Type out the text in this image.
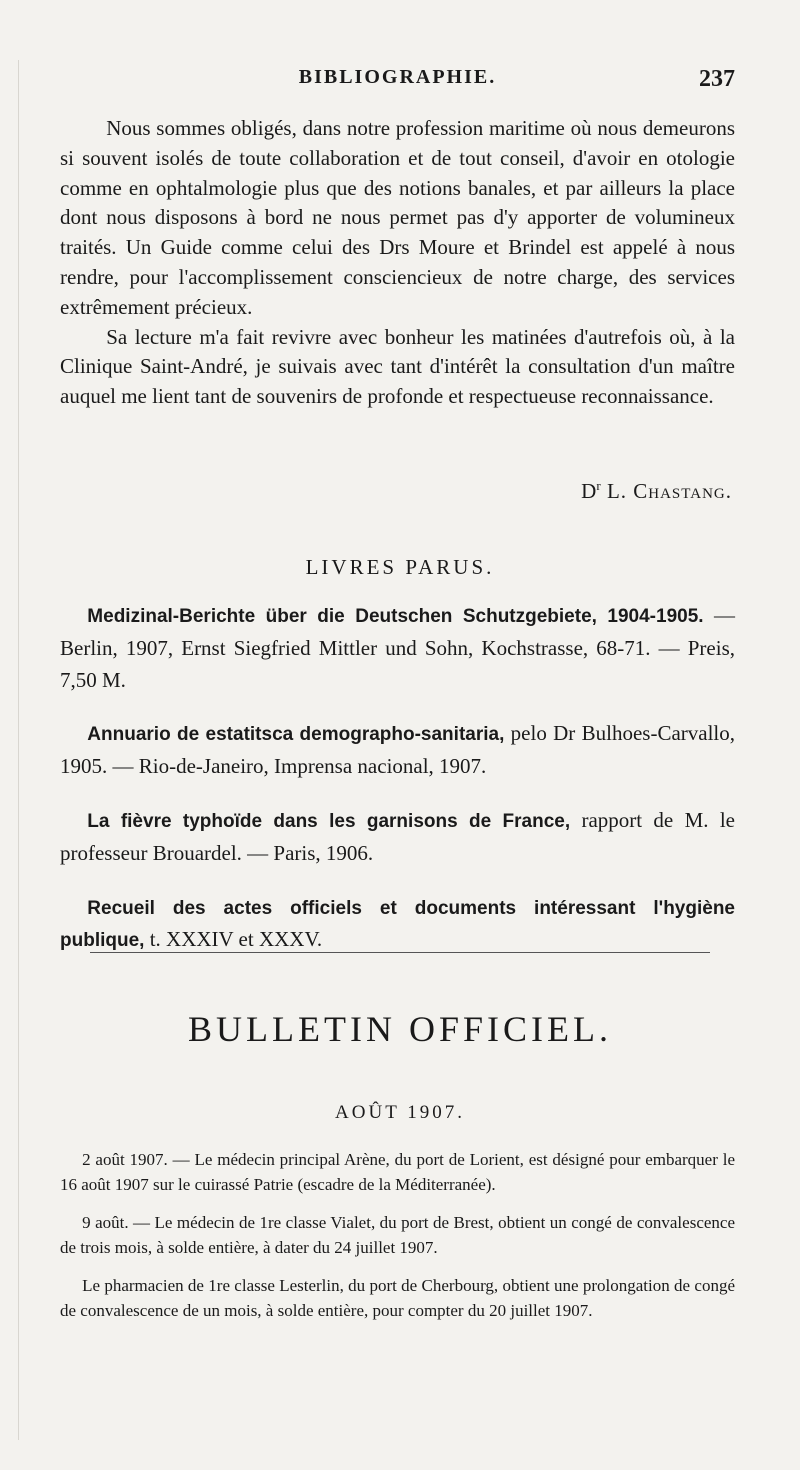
BIBLIOGRAPHIE.	237

Nous sommes obligés, dans notre profession maritime où nous demeurons si souvent isolés de toute collaboration et de tout conseil, d'avoir en otologie comme en ophtalmologie plus que des notions banales, et par ailleurs la place dont nous disposons à bord ne nous permet pas d'y apporter de volumineux traités. Un Guide comme celui des Drs Moure et Brindel est appelé à nous rendre, pour l'accomplissement consciencieux de notre charge, des services extrêmement précieux.

Sa lecture m'a fait revivre avec bonheur les matinées d'autrefois où, à la Clinique Saint-André, je suivais avec tant d'intérêt la consultation d'un maître auquel me lient tant de souvenirs de profonde et respectueuse reconnaissance.

$D^r$ L. Chastang.
LIVRES PARUS.

Medizinal-Berichte über die Deutschen Schutzgebiete, 1904-1905. — Berlin, 1907, Ernst Siegfried Mittler und Sohn, Kochstrasse, 68-71. — Preis, 7,50 M.

Annuario de estatitsca demographo-sanitaria, pelo Dr Bulhoes-Carvallo, 1905. — Rio-de-Janeiro, Imprensa nacional, 1907.

La fièvre typhoïde dans les garnisons de France, rapport de M. le professeur Brouardel. — Paris, 1906.

Recueil des actes officiels et documents intéressant l'hygiène publique, t. XXXIV et XXXV.

BULLETIN OFFICIEL.
AOÛT 1907.

2 août 1907. — Le médecin principal Arène, du port de Lorient, est désigné pour embarquer le 16 août 1907 sur le cuirassé Patrie (escadre de la Méditerranée).

9 août. — Le médecin de 1re classe Vialet, du port de Brest, obtient un congé de convalescence de trois mois, à solde entière, à dater du 24 juillet 1907.

Le pharmacien de 1re classe Lesterlin, du port de Cherbourg, obtient une prolongation de congé de convalescence de un mois, à solde entière, pour compter du 20 juillet 1907.
